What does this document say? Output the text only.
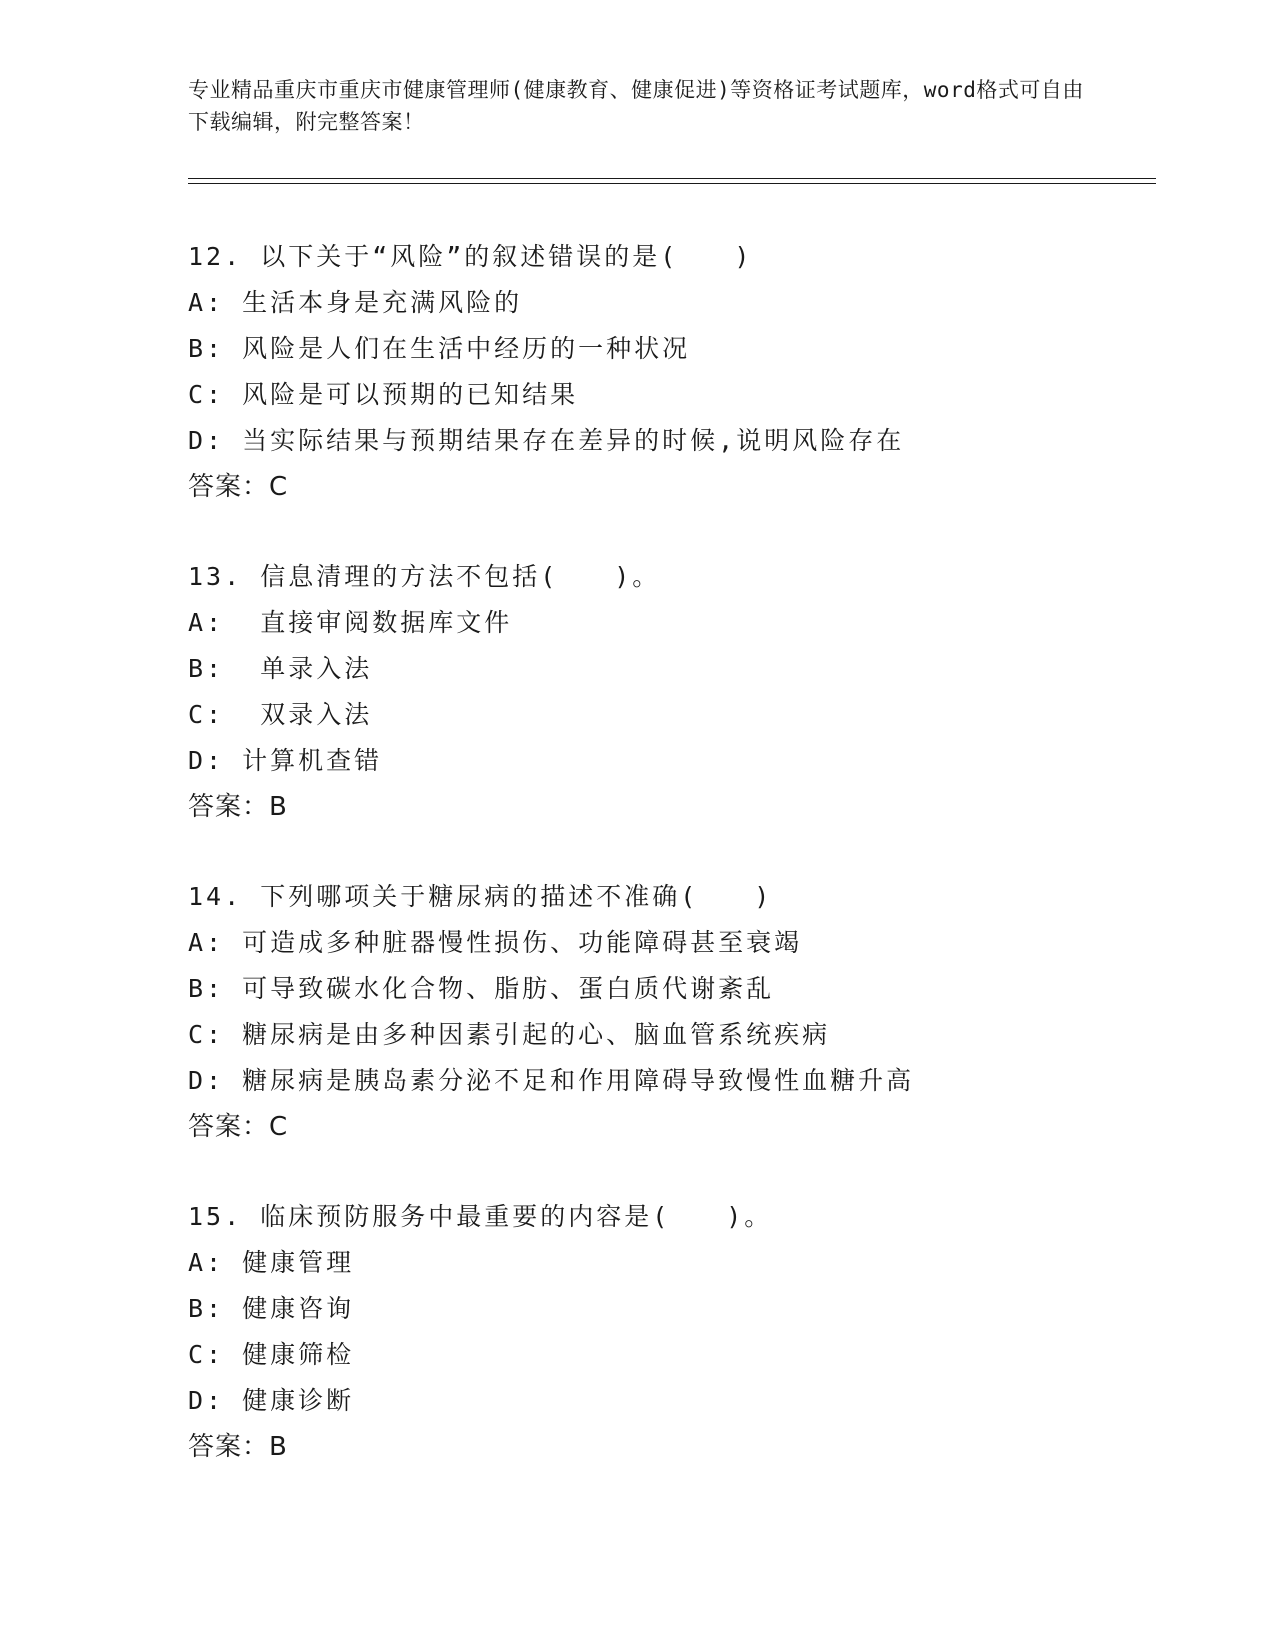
专业精品重庆市重庆市健康管理师(健康教育、健康促进)等资格证考试题库，word格式可自由下载编辑，附完整答案！
12. 以下关于“风险”的叙述错误的是(　　)
A: 生活本身是充满风险的
B: 风险是人们在生活中经历的一种状况
C: 风险是可以预期的已知结果
D: 当实际结果与预期结果存在差异的时候,说明风险存在
答案：C
13. 信息清理的方法不包括(　　)。
A:  直接审阅数据库文件
B:  单录入法
C:  双录入法
D: 计算机查错
答案：B
14. 下列哪项关于糖尿病的描述不准确(　　)
A: 可造成多种脏器慢性损伤、功能障碍甚至衰竭
B: 可导致碳水化合物、脂肪、蛋白质代谢紊乱
C: 糖尿病是由多种因素引起的心、脑血管系统疾病
D: 糖尿病是胰岛素分泌不足和作用障碍导致慢性血糖升高
答案：C
15. 临床预防服务中最重要的内容是(　　)。
A: 健康管理
B: 健康咨询
C: 健康筛检
D: 健康诊断
答案：B
